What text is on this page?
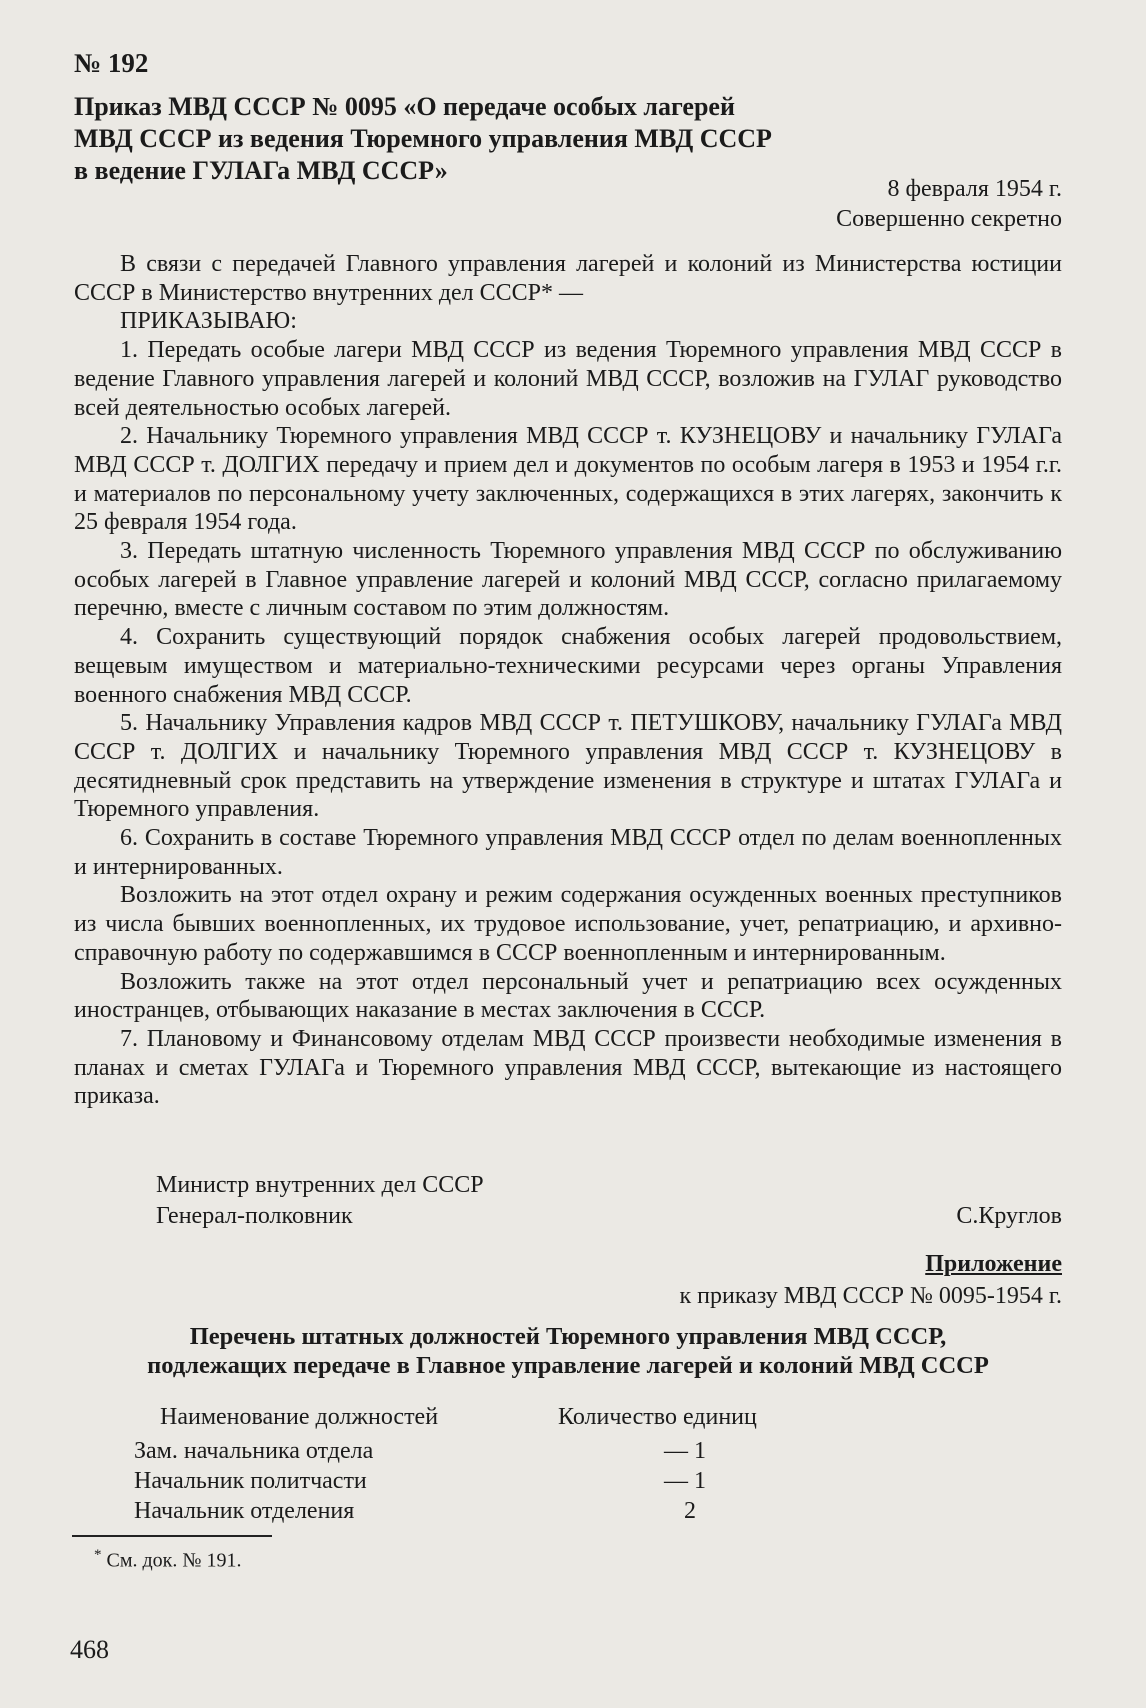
№ 192
Приказ МВД СССР № 0095 «О передаче особых лагерей
МВД СССР из ведения Тюремного управления МВД СССР
в ведение ГУЛАГа МВД СССР»
8 февраля 1954 г.
Совершенно секретно

В связи с передачей Главного управления лагерей и колоний из Министерства юстиции СССР в Министерство внутренних дел СССР* —

ПРИКАЗЫВАЮ:

1. Передать особые лагери МВД СССР из ведения Тюремного управления МВД СССР в ведение Главного управления лагерей и колоний МВД СССР, возложив на ГУЛАГ руководство всей деятельностью особых лагерей.

2. Начальнику Тюремного управления МВД СССР т. КУЗНЕЦОВУ и начальнику ГУЛАГа МВД СССР т. ДОЛГИХ передачу и прием дел и документов по особым лагеря в 1953 и 1954 г.г. и материалов по персональному учету заключенных, содержащихся в этих лагерях, закончить к 25 февраля 1954 года.

3. Передать штатную численность Тюремного управления МВД СССР по обслуживанию особых лагерей в Главное управление лагерей и колоний МВД СССР, согласно прилагаемому перечню, вместе с личным составом по этим должностям.

4. Сохранить существующий порядок снабжения особых лагерей продовольствием, вещевым имуществом и материально-техническими ресурсами через органы Управления военного снабжения МВД СССР.

5. Начальнику Управления кадров МВД СССР т. ПЕТУШКОВУ, начальнику ГУЛАГа МВД СССР т. ДОЛГИХ и начальнику Тюремного управления МВД СССР т. КУЗНЕЦОВУ в десятидневный срок представить на утверждение изменения в структуре и штатах ГУЛАГа и Тюремного управления.

6. Сохранить в составе Тюремного управления МВД СССР отдел по делам военнопленных и интернированных.

Возложить на этот отдел охрану и режим содержания осужденных военных преступников из числа бывших военнопленных, их трудовое использование, учет, репатриацию, и архивно-справочную работу по содержавшимся в СССР военнопленным и интернированным.

Возложить также на этот отдел персональный учет и репатриацию всех осужденных иностранцев, отбывающих наказание в местах заключения в СССР.

7. Плановому и Финансовому отделам МВД СССР произвести необходимые изменения в планах и сметах ГУЛАГа и Тюремного управления МВД СССР, вытекающие из настоящего приказа.

Министр внутренних дел СССР
Генерал-полковник	С.Круглов
Приложение
к приказу МВД СССР № 0095-1954 г.
Перечень штатных должностей Тюремного управления МВД СССР,
подлежащих передаче в Главное управление лагерей и колоний МВД СССР
Наименование должностей	Количество единиц
Зам. начальника отдела	— 1
Начальник политчасти	— 1
Начальник отделения	2
* См. док. № 191.
468
